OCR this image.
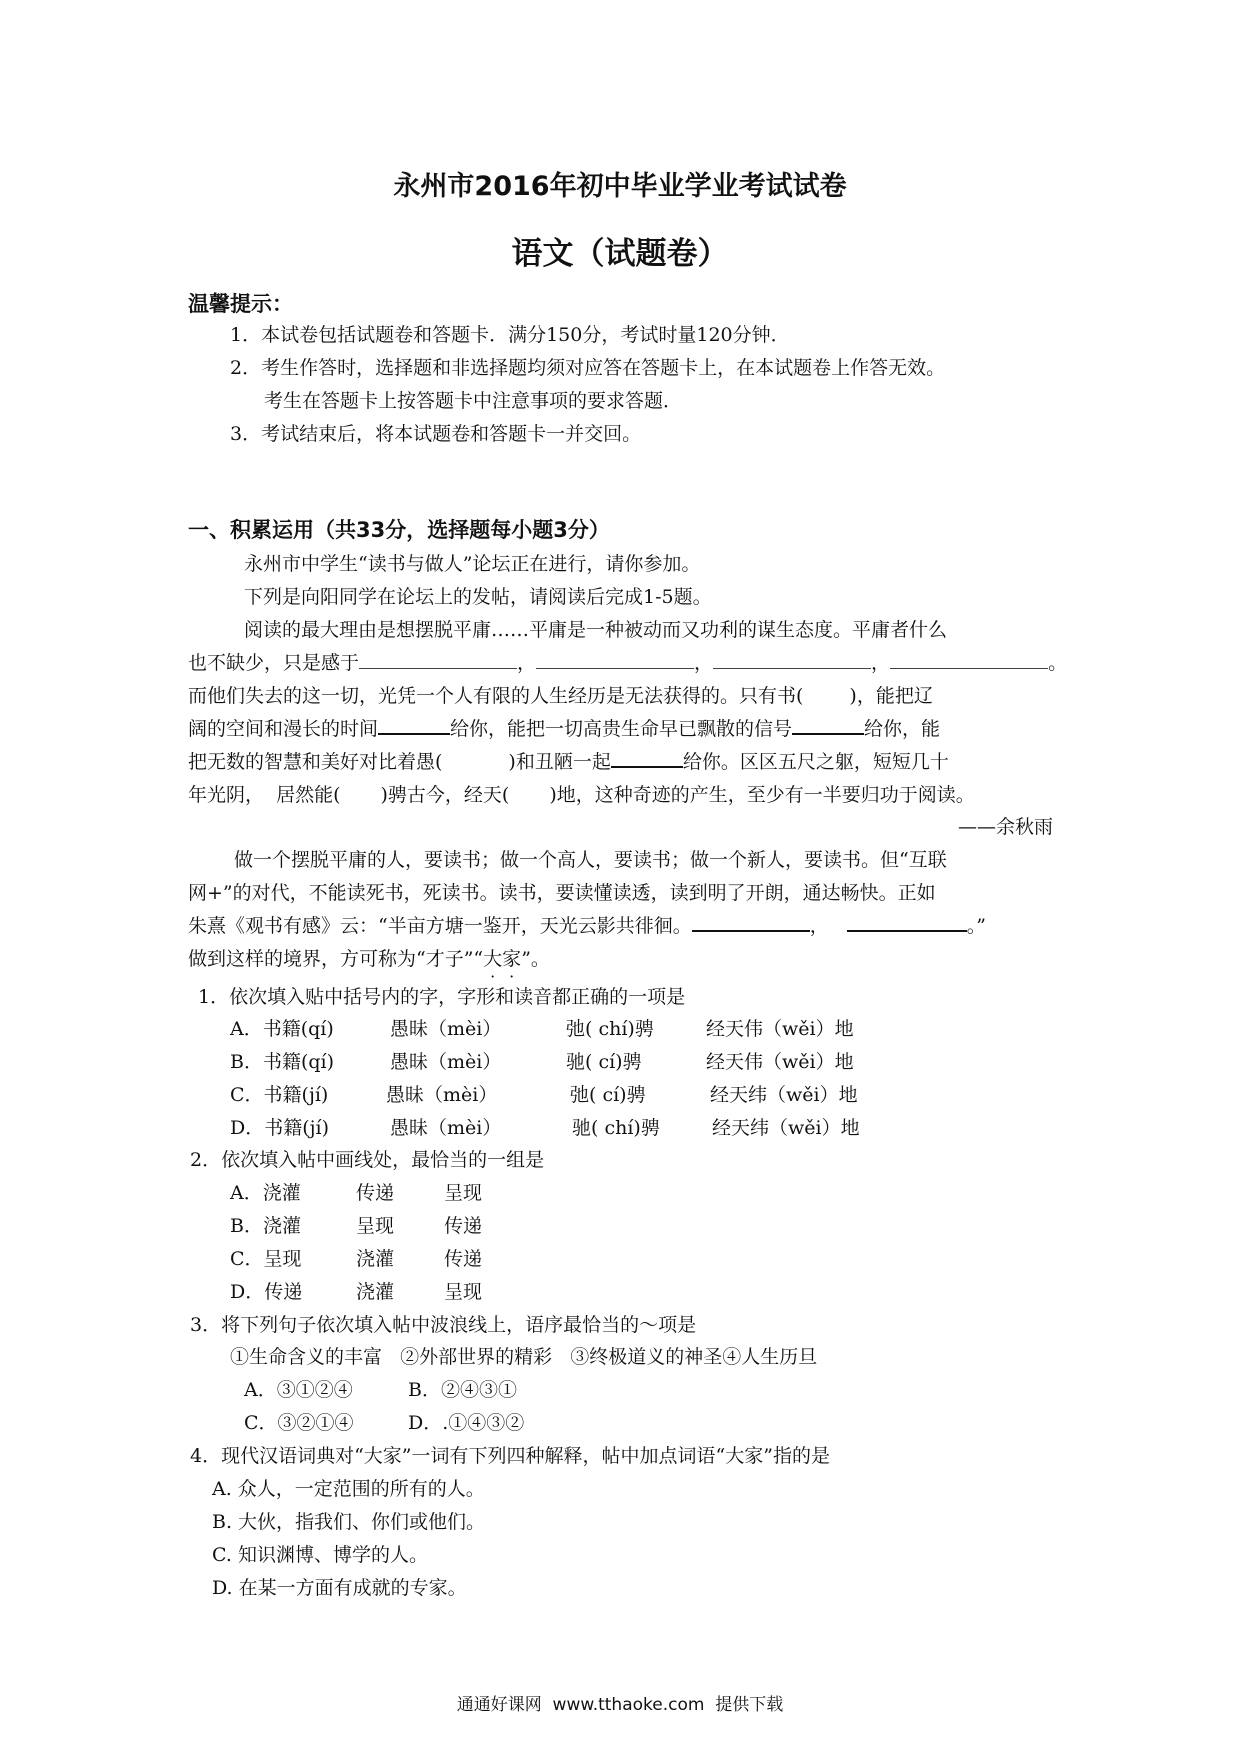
永州市2016年初中毕业学业考试试卷
语文（试题卷）
温馨提示：
1．本试卷包括试题卷和答题卡．满分150分，考试时量120分钟．
2．考生作答时，选择题和非选择题均须对应答在答题卡上，在本试题卷上作答无效。
考生在答题卡上按答题卡中注意事项的要求答题．
3．考试结束后，将本试题卷和答题卡一并交回。
一、积累运用（共33分，选择题每小题3分）
永州市中学生“读书与做人”论坛正在进行，请你参加。
下列是向阳同学在论坛上的发帖，请阅读后完成1-5题。
阅读的最大理由是想摆脱平庸……平庸是一种被动而又功利的谋生态度。平庸者什么
也不缺少，只是感于	，	，	，	。
而他们失去的这一切，光凭一个人有限的人生经历是无法获得的。只有书( )，能把辽
阔的空间和漫长的时间	给你，能把一切高贵生命早已飘散的信号	给你，能
把无数的智慧和美好对比着愚(	)和丑陋一起	给你。区区五尺之躯，短短几十
年光阴，  居然能( )骋古今，经天( )地，这种奇迹的产生，至少有一半要归功于阅读。
——余秋雨
做一个摆脱平庸的人，要读书；做一个高人，要读书；做一个新人，要读书。但“互联
网+”的对代，不能读死书，死读书。读书，要读懂读透，读到明了开朗，通达畅快。正如
朱熹《观书有感》云：“半亩方塘一鉴开，天光云影共徘徊。	，	。”
做到这样的境界，方可称为“才子”“大家”。
1．依次填入贴中括号内的字，字形和读音都正确的一项是
A．书籍(qí)	愚昧（mèi）	弛( chí)骋	经天伟（wěi）地
B．书籍(qí)	愚昧（mèi）	驰( cí)骋	经天伟（wěi）地
C．书籍(jí)	愚昧（mèi）	弛( cí)骋	经天纬（wěi）地
D．书籍(jí)	愚昧（mèi）	驰( chí)骋	经天纬（wěi）地
2．依次填入帖中画线处，最恰当的一组是
A．浇灌	传递	呈现
B．浇灌	呈现	传递
C．呈现	浇灌	传递
D．传递	浇灌	呈现
3．将下列句子依次填入帖中波浪线上，语序最恰当的～项是
①生命含义的丰富   ②外部世界的精彩   ③终极道义的神圣④人生历旦
A．③①②④	B．②④③①
C．③②①④	D．.①④③②
4．现代汉语词典对“大家”一词有下列四种解释，帖中加点词语“大家”指的是
A. 众人，一定范围的所有的人。
B. 大伙，指我们、你们或他们。
C. 知识渊博、博学的人。
D. 在某一方面有成就的专家。
通通好课网  www.tthaoke.com  提供下载
